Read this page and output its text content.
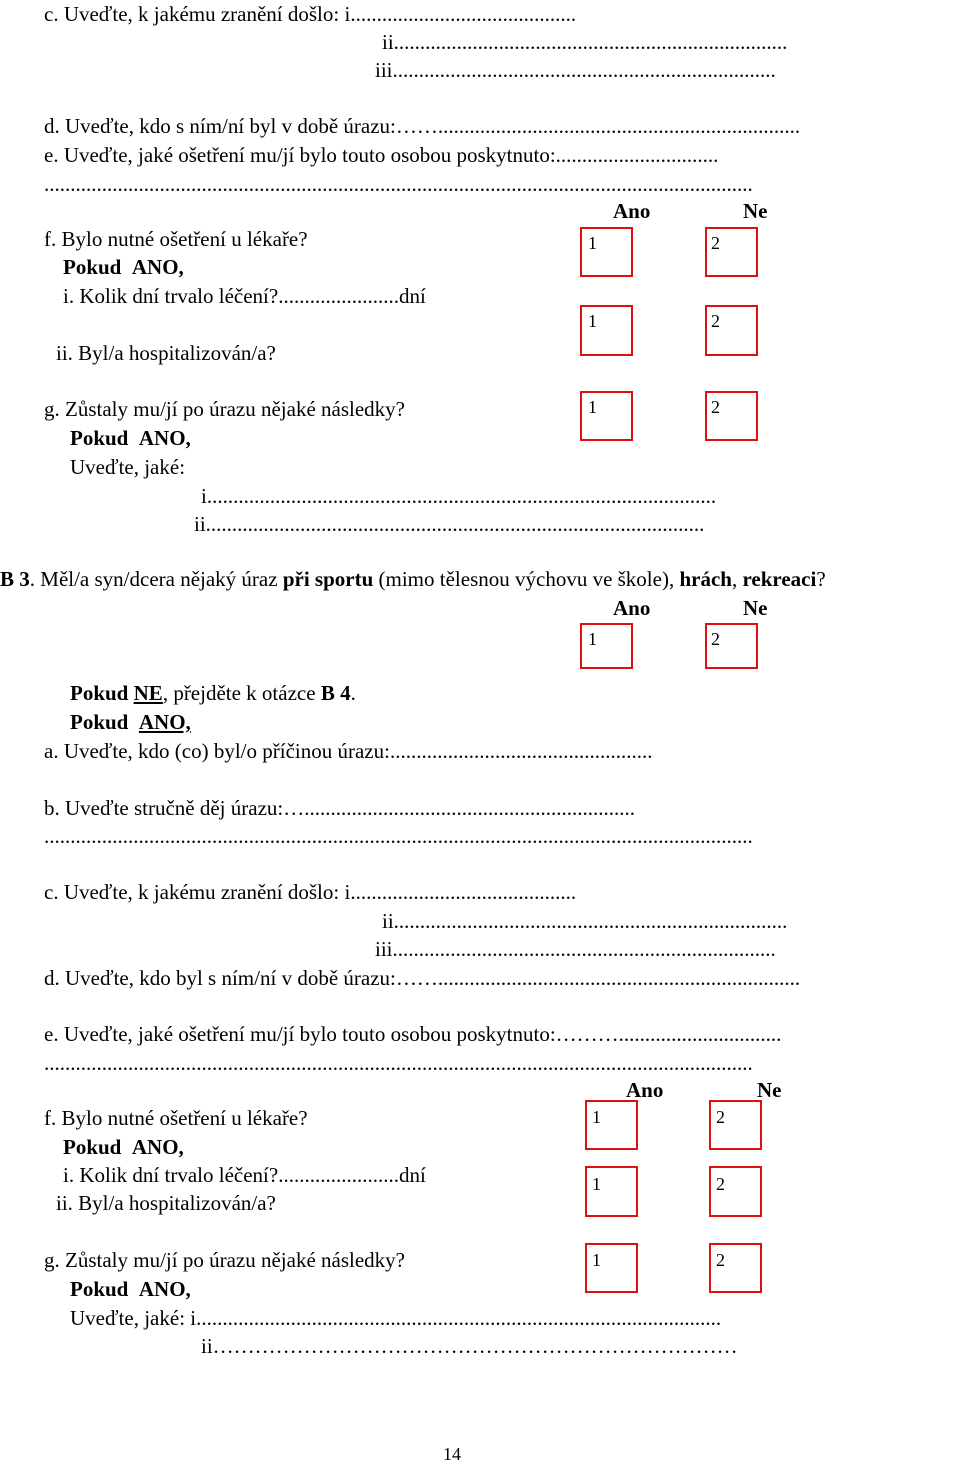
c. Uveďte, k jakému zranění došlo: i...........................................
ii...........................................................................
iii.........................................................................
d. Uveďte, kdo s ním/ní byl v době úrazu:…….....................................................................
e. Uveďte, jaké ošetření mu/jí bylo touto osobou poskytnuto:...............................
.......................................................................................................................................
Ano	Ne
f. Bylo nutné ošetření u lékaře?
Pokud ANO,
i. Kolik dní trvalo léčení?.......................dní
ii. Byl/a hospitalizován/a?
1	2
1	2
g. Zůstaly mu/jí po úrazu nějaké následky?
Pokud ANO,
Uveďte, jaké:
i.................................................................................................
ii...............................................................................................
1	2
B 3. Měl/a syn/dcera nějaký úraz při sportu (mimo tělesnou výchovu ve škole), hrách, rekreaci?
Ano	Ne
1	2
Pokud NE, přejděte k otázce B 4.
Pokud ANO,
a. Uveďte, kdo (co) byl/o příčinou úrazu:..................................................
b. Uveďte stručně děj úrazu:…...............................................................
.......................................................................................................................................
c. Uveďte, k jakému zranění došlo: i...........................................
ii...........................................................................
iii.........................................................................
d. Uveďte, kdo byl s ním/ní v době úrazu:…….....................................................................
e. Uveďte, jaké ošetření mu/jí bylo touto osobou poskytnuto:………...............................
.......................................................................................................................................
Ano	Ne
f. Bylo nutné ošetření u lékaře?
Pokud ANO,
i. Kolik dní trvalo léčení?.......................dní
ii. Byl/a hospitalizován/a?
1	2
1	2
g. Zůstaly mu/jí po úrazu nějaké následky?
Pokud ANO,
Uveďte, jaké: i....................................................................................................
ii…………………………………………………………………
1	2
14
